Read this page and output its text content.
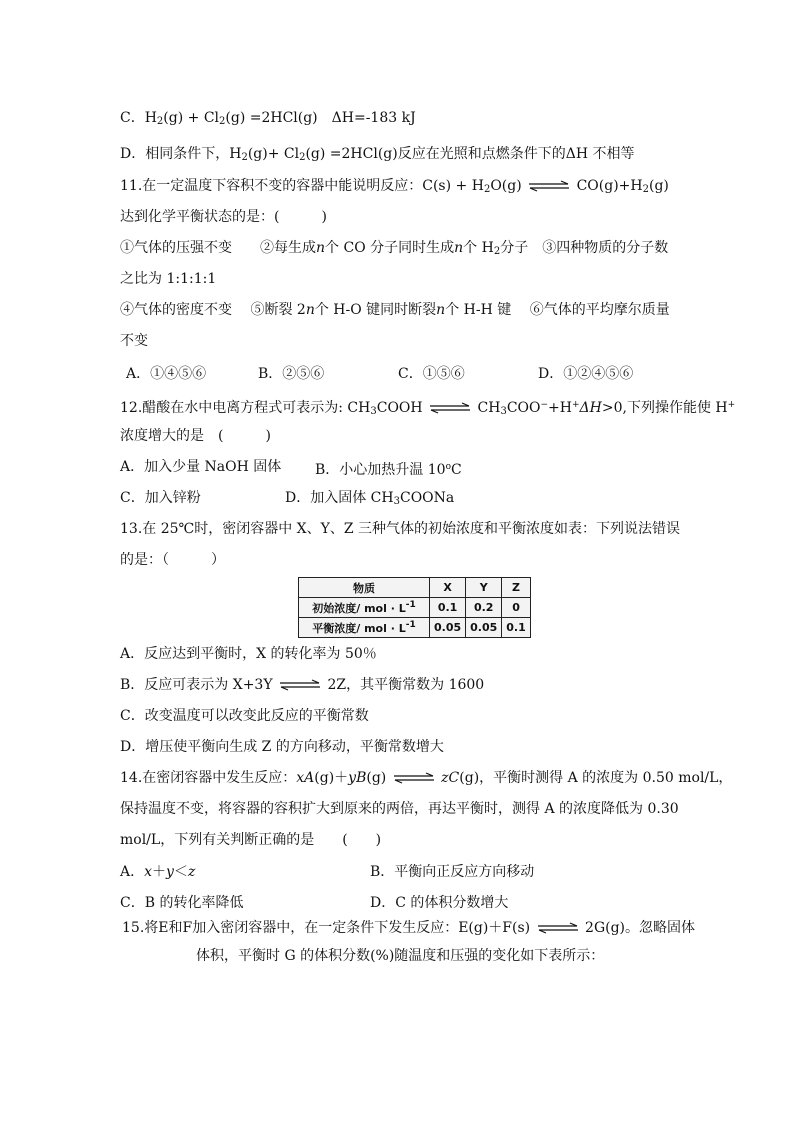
C．$H_2(g) + Cl_2(g) =2HCl(g)$　ΔH=-183 kJ
D．相同条件下，$H_2(g)+ Cl_2(g) =2HCl(g)$反应在光照和点燃条件下的ΔH 不相等
11.在一定温度下容积不变的容器中能说明反应：$C(s) + H_2O(g)$ ⇌ $CO(g)+H_2(g)$
达到化学平衡状态的是：(　　　)
①气体的压强不变　　②每生成n个 CO 分子同时生成n个 $H_2$分子　③四种物质的分子数
之比为 1:1:1:1
④气体的密度不变　 ⑤断裂 2n个 H-O 键同时断裂n个 H-H 键　 ⑥气体的平均摩尔质量
不变
A．①④⑤⑥	B．②⑤⑥	C．①⑤⑥	D．①②④⑤⑥
12.醋酸在水中电离方程式可表示为: $CH_3COOH$ ⇌ $CH_3COO^-+H^+\Delta H>0$,下列操作能使 H+
浓度增大的是　(　　　)
A．加入少量 NaOH 固体 B．小心加热升温 10$^o$C
C．加入锌粉	D．加入固体 $CH_3COONa$
13.在 25℃时，密闭容器中 X、Y、Z 三种气体的初始浓度和平衡浓度如表：下列说法错误
的是：（　　　）
物质	X	Y	Z
初始浓度/ mol · $L^{-1}$	0.1	0.2	0
平衡浓度/ mol · $L^{-1}$	0.05	0.05	0.1
A．反应达到平衡时，X 的转化率为 50％
B．反应可表示为 X+3Y ⇌ 2Z，其平衡常数为 1600
C．改变温度可以改变此反应的平衡常数
D．增压使平衡向生成 Z 的方向移动，平衡常数增大
14.在密闭容器中发生反应：xA(g)＋yB(g) ⇌ zC(g)，平衡时测得 A 的浓度为 0.50 mol/L，
保持温度不变，将容器的容积扩大到原来的两倍，再达平衡时，测得 A 的浓度降低为 0.30
mol/L，下列有关判断正确的是　　(　　)
A．x＋y＜z	B．平衡向正反应方向移动
C．B 的转化率降低	D．C 的体积分数增大
15.将E和F加入密闭容器中，在一定条件下发生反应：E(g)＋F(s) ⇌ 2G(g)。忽略固体
体积，平衡时 G 的体积分数(%)随温度和压强的变化如下表所示：
